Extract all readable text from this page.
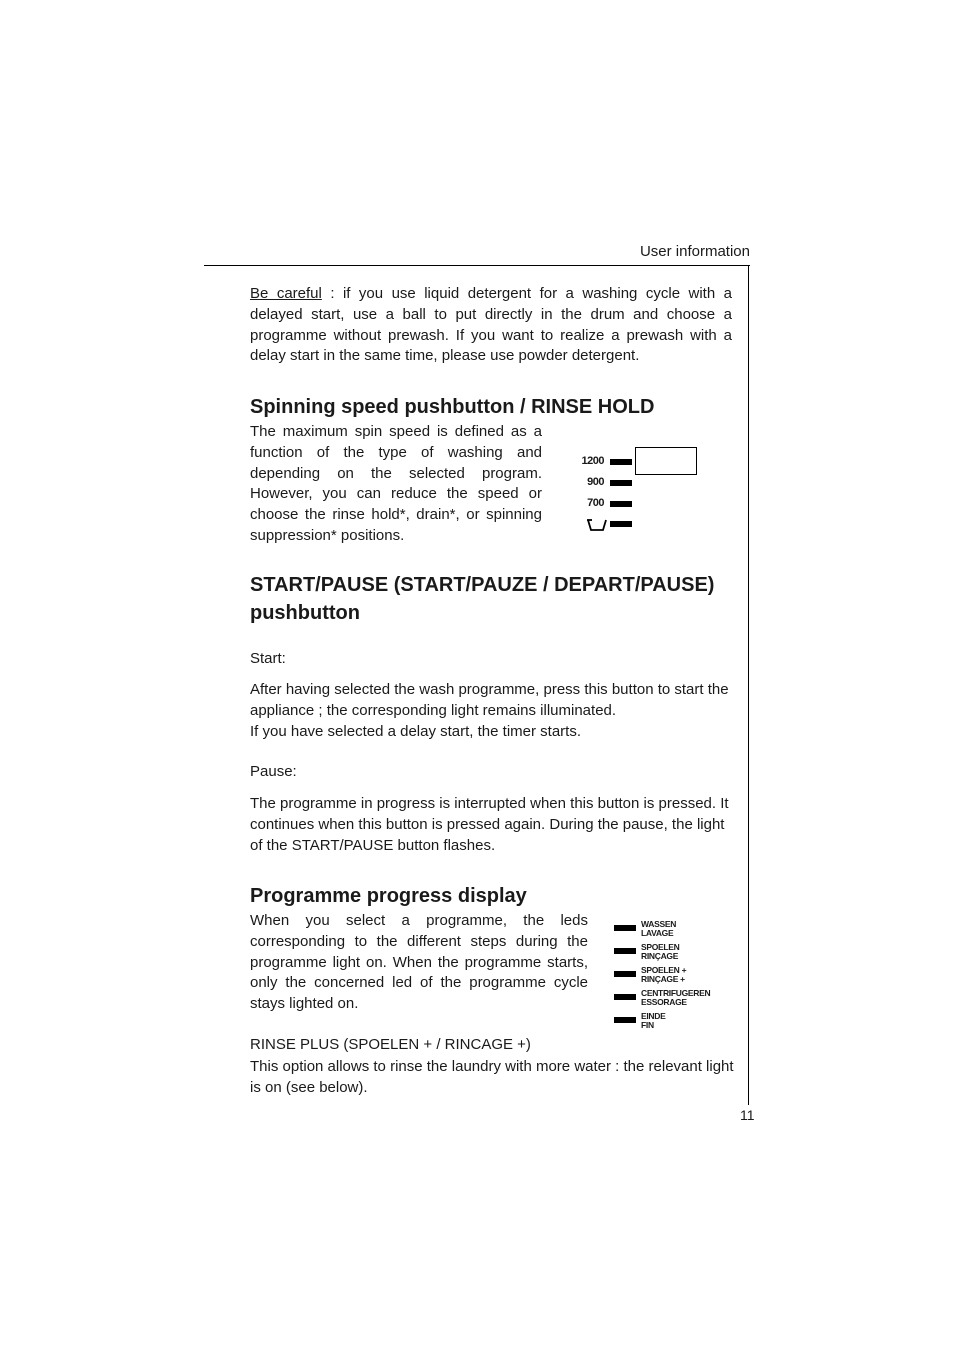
User information

Be careful : if you use liquid detergent for a washing cycle with a delayed start, use a ball to put directly in the drum and choose a programme without prewash. If you want to realize a prewash with a delay start in the same time, please use powder detergent.

Spinning speed pushbutton / RINSE HOLD

The maximum spin speed is defined as a function of the type of washing and depending on the selected program. However, you can reduce the speed or choose the rinse hold*, drain*, or spinning suppression* positions.

1200
900
700
START/PAUSE (START/PAUZE / DEPART/PAUSE)
pushbutton
Start:

After having selected the wash programme, press this button to start the appliance ; the corresponding light remains illuminated.
If you have selected a delay start, the timer starts.

Pause:

The programme in progress is interrupted when this button is pressed. It continues when this button is pressed again. During the pause, the light of the START/PAUSE button flashes.

Programme progress display

When you select a programme, the leds corresponding to the different steps during the programme light on. When the programme starts, only the concerned led of the programme cycle stays lighted on.

WASSEN
LAVAGE
SPOELEN
RINÇAGE
SPOELEN +
RINÇAGE +
CENTRIFUGEREN
ESSORAGE
EINDE
FIN
RINSE PLUS (SPOELEN + / RINCAGE +)

This option allows to rinse the laundry with more water : the relevant light is on (see below).

11
